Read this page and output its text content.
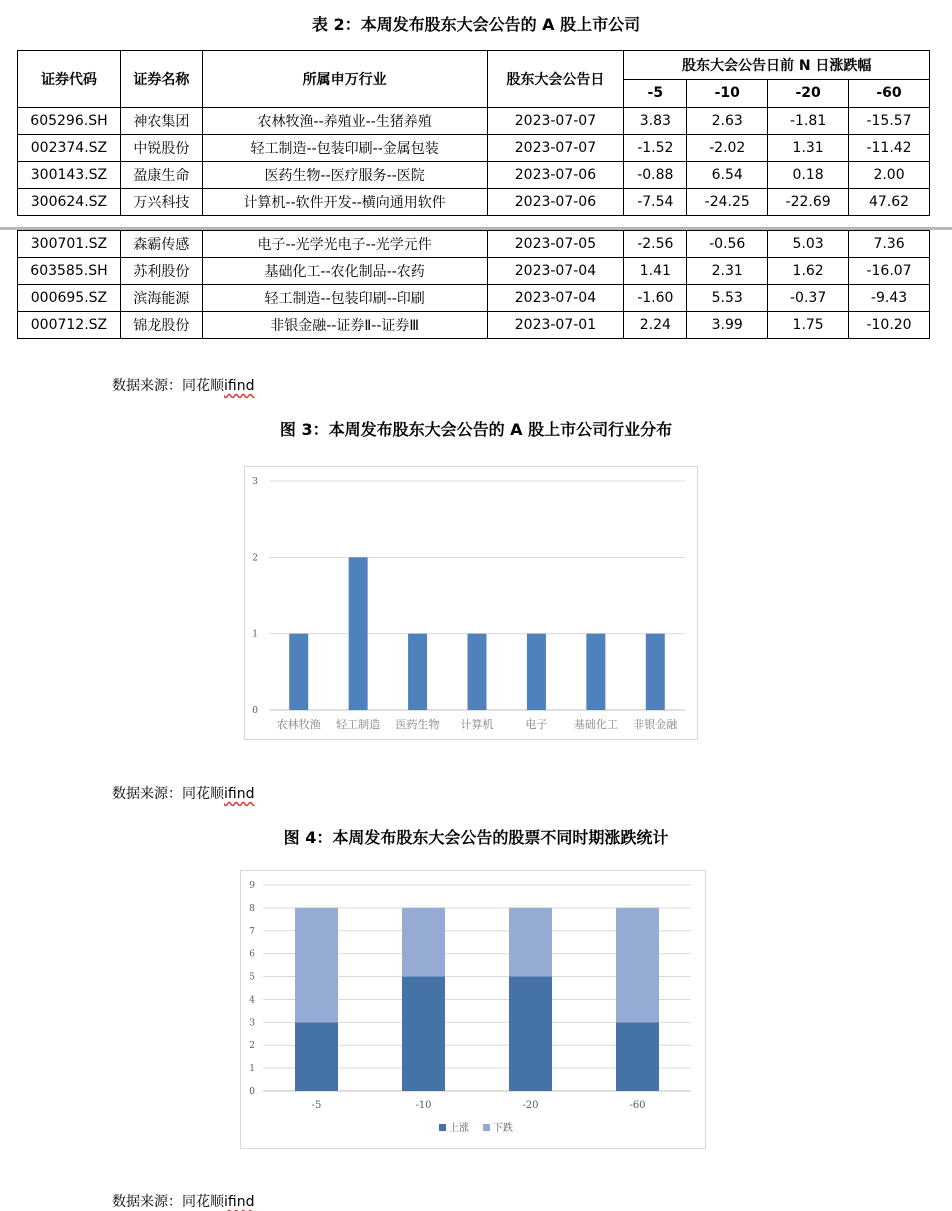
表 2：本周发布股东大会公告的 A 股上市公司
证券代码	证券名称	所属申万行业	股东大会公告日	股东大会公告日前 N 日涨跌幅			
				-5	-10	-20	-60
605296.SH	神农集团	农林牧渔--养殖业--生猪养殖	2023-07-07	3.83	2.63	-1.81	-15.57
002374.SZ	中锐股份	轻工制造--包装印刷--金属包装	2023-07-07	-1.52	-2.02	1.31	-11.42
300143.SZ	盈康生命	医药生物--医疗服务--医院	2023-07-06	-0.88	6.54	0.18	2.00
300624.SZ	万兴科技	计算机--软件开发--横向通用软件	2023-07-06	-7.54	-24.25	-22.69	47.62

300701.SZ	森霸传感	电子--光学光电子--光学元件	2023-07-05	-2.56	-0.56	5.03	7.36
603585.SH	苏利股份	基础化工--农化制品--农药	2023-07-04	1.41	2.31	1.62	-16.07
000695.SZ	滨海能源	轻工制造--包装印刷--印刷	2023-07-04	-1.60	5.53	-0.37	-9.43
000712.SZ	锦龙股份	非银金融--证券Ⅱ--证券Ⅲ	2023-07-01	2.24	3.99	1.75	-10.20
数据来源：同花顺ifind
图 3：本周发布股东大会公告的 A 股上市公司行业分布
0
1
2
3
农林牧渔 轻工制造 医药生物 计算机	电子 基础化工 非银金融
数据来源：同花顺ifind
图 4：本周发布股东大会公告的股票不同时期涨跌统计
0
1
2
3
4
5
6
7
8
9
-5	-10	-20	-60
上涨 下跌
数据来源：同花顺ifind
